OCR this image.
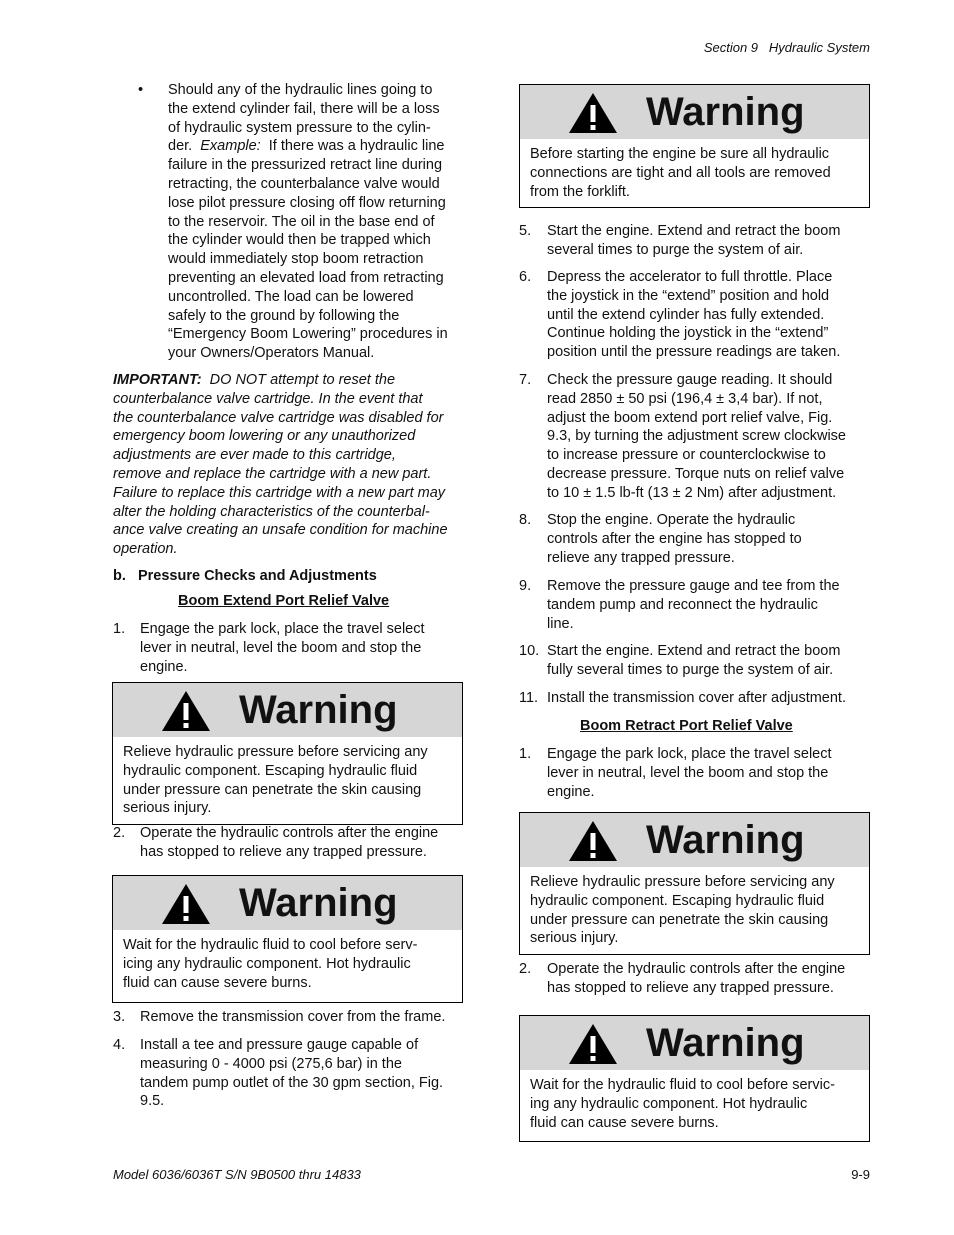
Section 9   Hydraulic System
• Should any of the hydraulic lines going to
the extend cylinder fail, there will be a loss
of hydraulic system pressure to the cylin-
der.  Example:  If there was a hydraulic line
failure in the pressurized retract line during
retracting, the counterbalance valve would
lose pilot pressure closing off flow returning
to the reservoir. The oil in the base end of
the cylinder would then be trapped which
would immediately stop boom retraction
preventing an elevated load from retracting
uncontrolled. The load can be lowered
safely to the ground by following the
“Emergency Boom Lowering” procedures in
your Owners/Operators Manual.
IMPORTANT:  DO NOT attempt to reset the
counterbalance valve cartridge. In the event that
the counterbalance valve cartridge was disabled for
emergency boom lowering or any unauthorized
adjustments are ever made to this cartridge,
remove and replace the cartridge with a new part.
Failure to replace this cartridge with a new part may
alter the holding characteristics of the counterbal-
ance valve creating an unsafe condition for machine
operation.
b.   Pressure Checks and Adjustments
Boom Extend Port Relief Valve
1. Engage the park lock, place the travel select
lever in neutral, level the boom and stop the
engine.
Warning
Relieve hydraulic pressure before servicing any
hydraulic component. Escaping hydraulic fluid
under pressure can penetrate the skin causing
serious injury.
2. Operate the hydraulic controls after the engine
has stopped to relieve any trapped pressure.
Warning
Wait for the hydraulic fluid to cool before serv-
icing any hydraulic component. Hot hydraulic
fluid can cause severe burns.
3. Remove the transmission cover from the frame.
4. Install a tee and pressure gauge capable of
measuring 0 - 4000 psi (275,6 bar) in the
tandem pump outlet of the 30 gpm section, Fig.
9.5.
Warning
Before starting the engine be sure all hydraulic
connections are tight and all tools are removed
from the forklift.
5. Start the engine. Extend and retract the boom
several times to purge the system of air.
6. Depress the accelerator to full throttle. Place
the joystick in the “extend” position and hold
until the extend cylinder has fully extended.
Continue holding the joystick in the “extend”
position until the pressure readings are taken.
7. Check the pressure gauge reading. It should
read 2850 ± 50 psi (196,4 ± 3,4 bar). If not,
adjust the boom extend port relief valve, Fig.
9.3, by turning the adjustment screw clockwise
to increase pressure or counterclockwise to
decrease pressure. Torque nuts on relief valve
to 10 ± 1.5 lb-ft (13 ± 2 Nm) after adjustment.
8. Stop the engine. Operate the hydraulic
controls after the engine has stopped to
relieve any trapped pressure.
9. Remove the pressure gauge and tee from the
tandem pump and reconnect the hydraulic
line.
10. Start the engine. Extend and retract the boom
fully several times to purge the system of air.
11. Install the transmission cover after adjustment.
Boom Retract Port Relief Valve
1. Engage the park lock, place the travel select
lever in neutral, level the boom and stop the
engine.
Warning
Relieve hydraulic pressure before servicing any
hydraulic component. Escaping hydraulic fluid
under pressure can penetrate the skin causing
serious injury.
2. Operate the hydraulic controls after the engine
has stopped to relieve any trapped pressure.
Warning
Wait for the hydraulic fluid to cool before servic-
ing any hydraulic component. Hot hydraulic
fluid can cause severe burns.
Model 6036/6036T S/N 9B0500 thru 14833	9-9
